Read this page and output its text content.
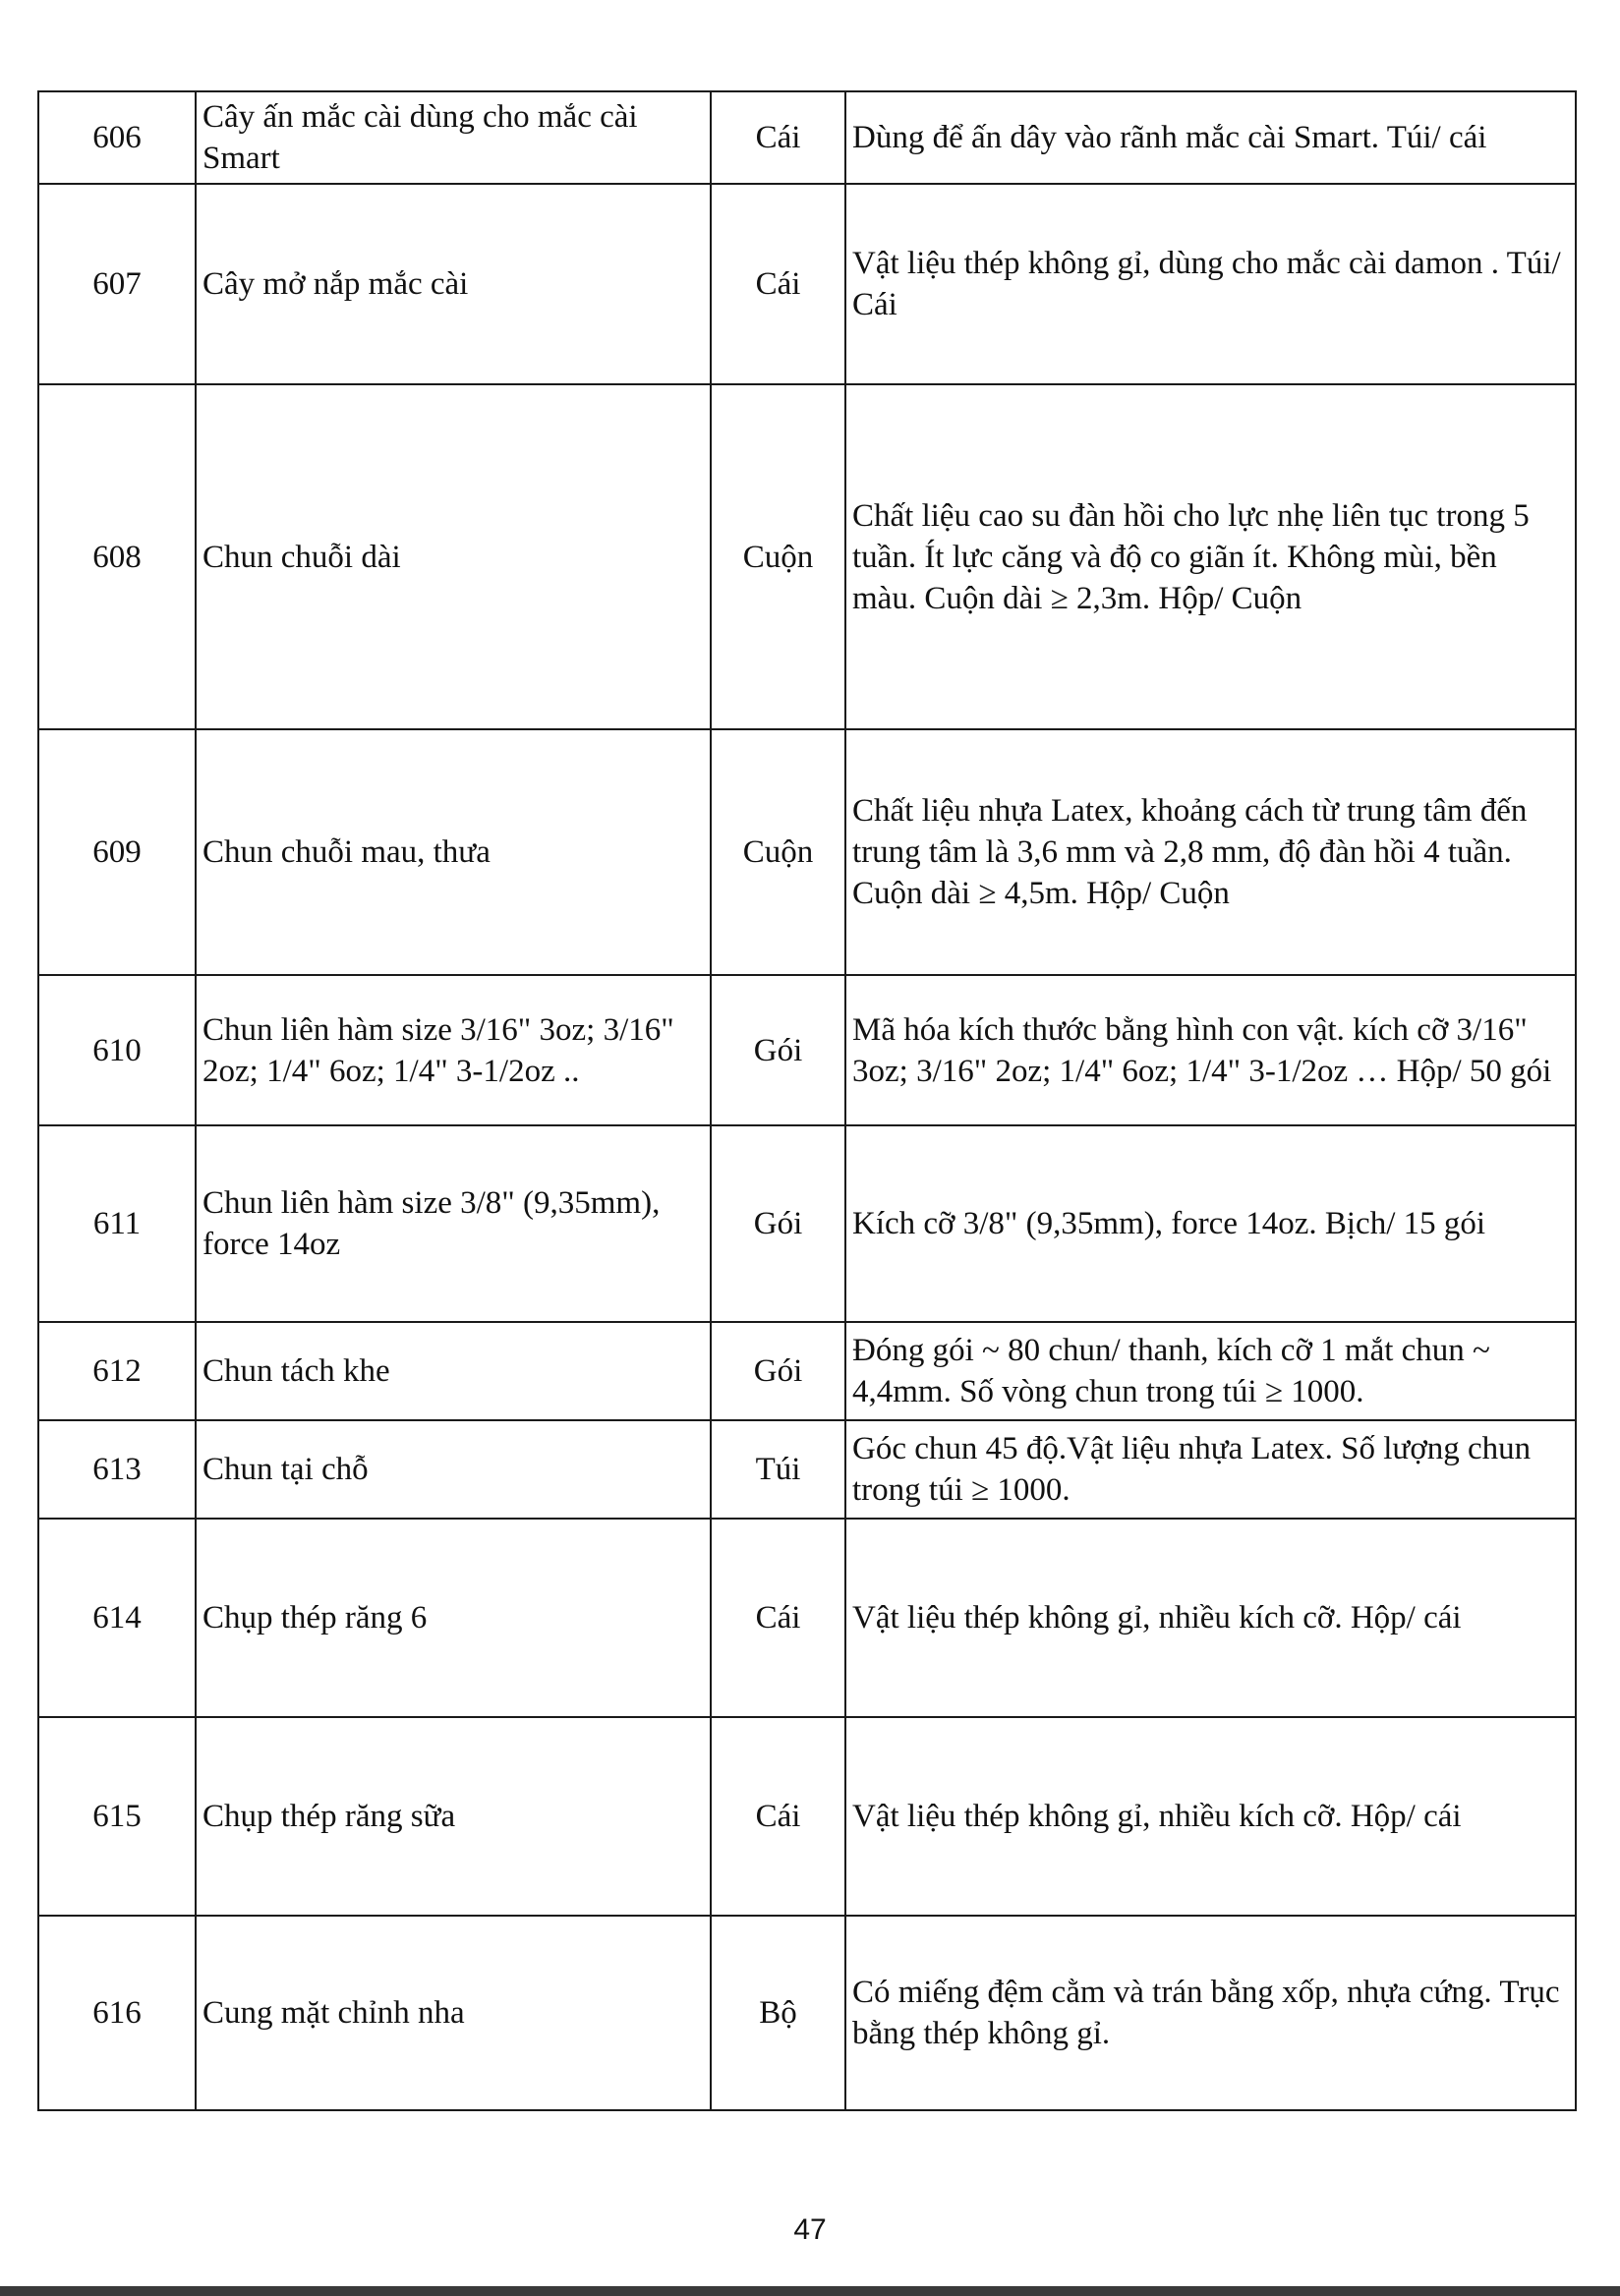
606	Cây ấn mắc cài dùng cho mắc cài Smart	Cái	Dùng để ấn dây vào rãnh mắc cài Smart. Túi/ cái
607	Cây mở nắp mắc cài	Cái	Vật liệu thép không gỉ, dùng cho mắc cài damon . Túi/ Cái
608	Chun chuỗi dài	Cuộn	Chất liệu cao su đàn hồi cho lực nhẹ liên tục trong 5 tuần. Ít lực căng và độ co giãn ít. Không mùi, bền màu. Cuộn dài ≥ 2,3m. Hộp/ Cuộn
609	Chun chuỗi mau, thưa	Cuộn	Chất liệu nhựa Latex, khoảng cách từ trung tâm đến trung tâm là 3,6 mm và 2,8 mm, độ đàn hồi 4 tuần. Cuộn dài ≥ 4,5m. Hộp/ Cuộn
610	Chun liên hàm size 3/16" 3oz; 3/16" 2oz; 1/4" 6oz; 1/4" 3-1/2oz ..	Gói	Mã hóa kích thước bằng hình con vật. kích cỡ 3/16" 3oz; 3/16" 2oz; 1/4" 6oz; 1/4" 3-1/2oz … Hộp/ 50 gói
611	Chun liên hàm size 3/8" (9,35mm), force 14oz	Gói	Kích cỡ 3/8" (9,35mm), force 14oz. Bịch/ 15 gói
612	Chun tách khe	Gói	Đóng gói ~ 80 chun/ thanh, kích cỡ 1 mắt chun ~ 4,4mm. Số vòng chun trong túi ≥ 1000.
613	Chun tại chỗ	Túi	Góc chun 45 độ.Vật liệu nhựa Latex. Số lượng chun trong túi ≥ 1000.
614	Chụp thép răng 6	Cái	Vật liệu thép không gỉ, nhiều kích cỡ. Hộp/ cái
615	Chụp thép răng sữa	Cái	Vật liệu thép không gỉ, nhiều kích cỡ. Hộp/ cái
616	Cung mặt chỉnh nha	Bộ	Có miếng đệm cằm và trán bằng xốp, nhựa cứng. Trục bằng thép không gỉ.
47
